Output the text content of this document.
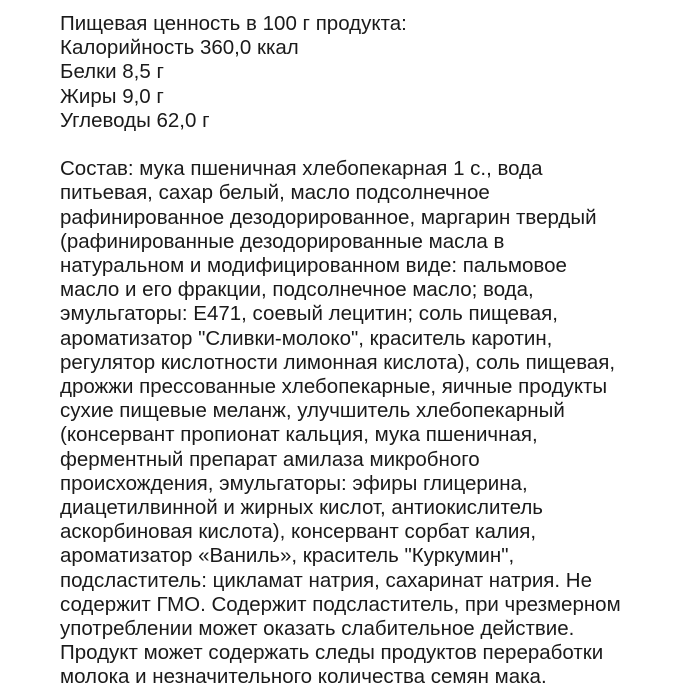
Пищевая ценность в 100 г продукта:
Калорийность 360,0 ккал
Белки 8,5 г
Жиры 9,0 г
Углеводы 62,0 г
Состав: мука пшеничная хлебопекарная 1 с., вода
питьевая, сахар белый, масло подсолнечное
рафинированное дезодорированное, маргарин твердый
(рафинированные дезодорированные масла в
натуральном и модифицированном виде: пальмовое
масло и его фракции, подсолнечное масло; вода,
эмульгаторы: Е471, соевый лецитин; соль пищевая,
ароматизатор "Сливки-молоко", краситель каротин,
регулятор кислотности лимонная кислота), соль пищевая,
дрожжи прессованные хлебопекарные, яичные продукты
сухие пищевые меланж, улучшитель хлебопекарный
(консервант пропионат кальция, мука пшеничная,
ферментный препарат амилаза микробного
происхождения, эмульгаторы: эфиры глицерина,
диацетилвинной и жирных кислот, антиокислитель
аскорбиновая кислота), консервант сорбат калия,
ароматизатор «Ваниль», краситель "Куркумин",
подсластитель: цикламат натрия, сахаринат натрия. Не
содержит ГМО. Содержит подсластитель, при чрезмерном
употреблении может оказать слабительное действие.
Продукт может содержать следы продуктов переработки
молока и незначительного количества семян мака.
